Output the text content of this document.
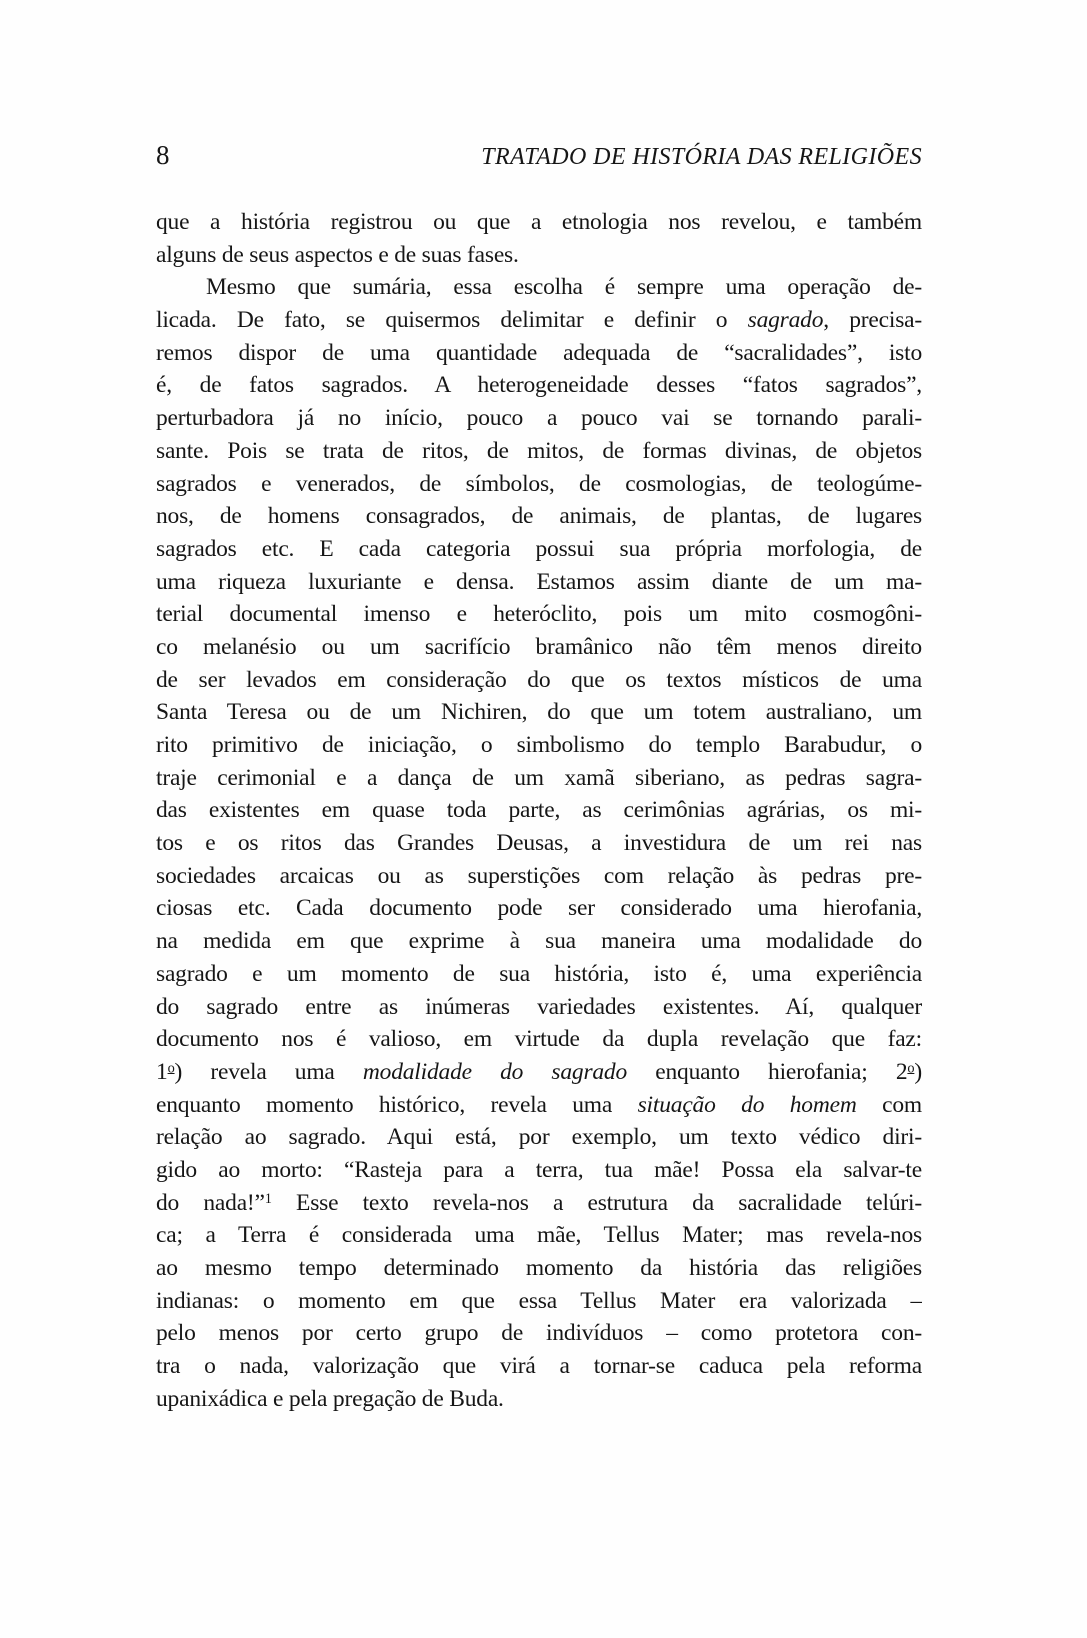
8	TRATADO DE HISTÓRIA DAS RELIGIÕES
que a história registrou ou que a etnologia nos revelou, e também
alguns de seus aspectos e de suas fases.
Mesmo que sumária, essa escolha é sempre uma operação de-
licada. De fato, se quisermos delimitar e definir o sagrado, precisa-
remos dispor de uma quantidade adequada de “sacralidades”, isto
é, de fatos sagrados. A heterogeneidade desses “fatos sagrados”,
perturbadora já no início, pouco a pouco vai se tornando parali-
sante. Pois se trata de ritos, de mitos, de formas divinas, de objetos
sagrados e venerados, de símbolos, de cosmologias, de teologúme-
nos, de homens consagrados, de animais, de plantas, de lugares
sagrados etc. E cada categoria possui sua própria morfologia, de
uma riqueza luxuriante e densa. Estamos assim diante de um ma-
terial documental imenso e heteróclito, pois um mito cosmogôni-
co melanésio ou um sacrifício bramânico não têm menos direito
de ser levados em consideração do que os textos místicos de uma
Santa Teresa ou de um Nichiren, do que um totem australiano, um
rito primitivo de iniciação, o simbolismo do templo Barabudur, o
traje cerimonial e a dança de um xamã siberiano, as pedras sagra-
das existentes em quase toda parte, as cerimônias agrárias, os mi-
tos e os ritos das Grandes Deusas, a investidura de um rei nas
sociedades arcaicas ou as superstições com relação às pedras pre-
ciosas etc. Cada documento pode ser considerado uma hierofania,
na medida em que exprime à sua maneira uma modalidade do
sagrado e um momento de sua história, isto é, uma experiência
do sagrado entre as inúmeras variedades existentes. Aí, qualquer
documento nos é valioso, em virtude da dupla revelação que faz:
1$^o$) revela uma modalidade do sagrado enquanto hierofania; 2$^o$)
enquanto momento histórico, revela uma situação do homem com
relação ao sagrado. Aqui está, por exemplo, um texto védico diri-
gido ao morto: “Rasteja para a terra, tua mãe! Possa ela salvar-te
do nada!”$^1$ Esse texto revela-nos a estrutura da sacralidade telúri-
ca; a Terra é considerada uma mãe, Tellus Mater; mas revela-nos
ao mesmo tempo determinado momento da história das religiões
indianas: o momento em que essa Tellus Mater era valorizada –
pelo menos por certo grupo de indivíduos – como protetora con-
tra o nada, valorização que virá a tornar-se caduca pela reforma
upanixádica e pela pregação de Buda.
